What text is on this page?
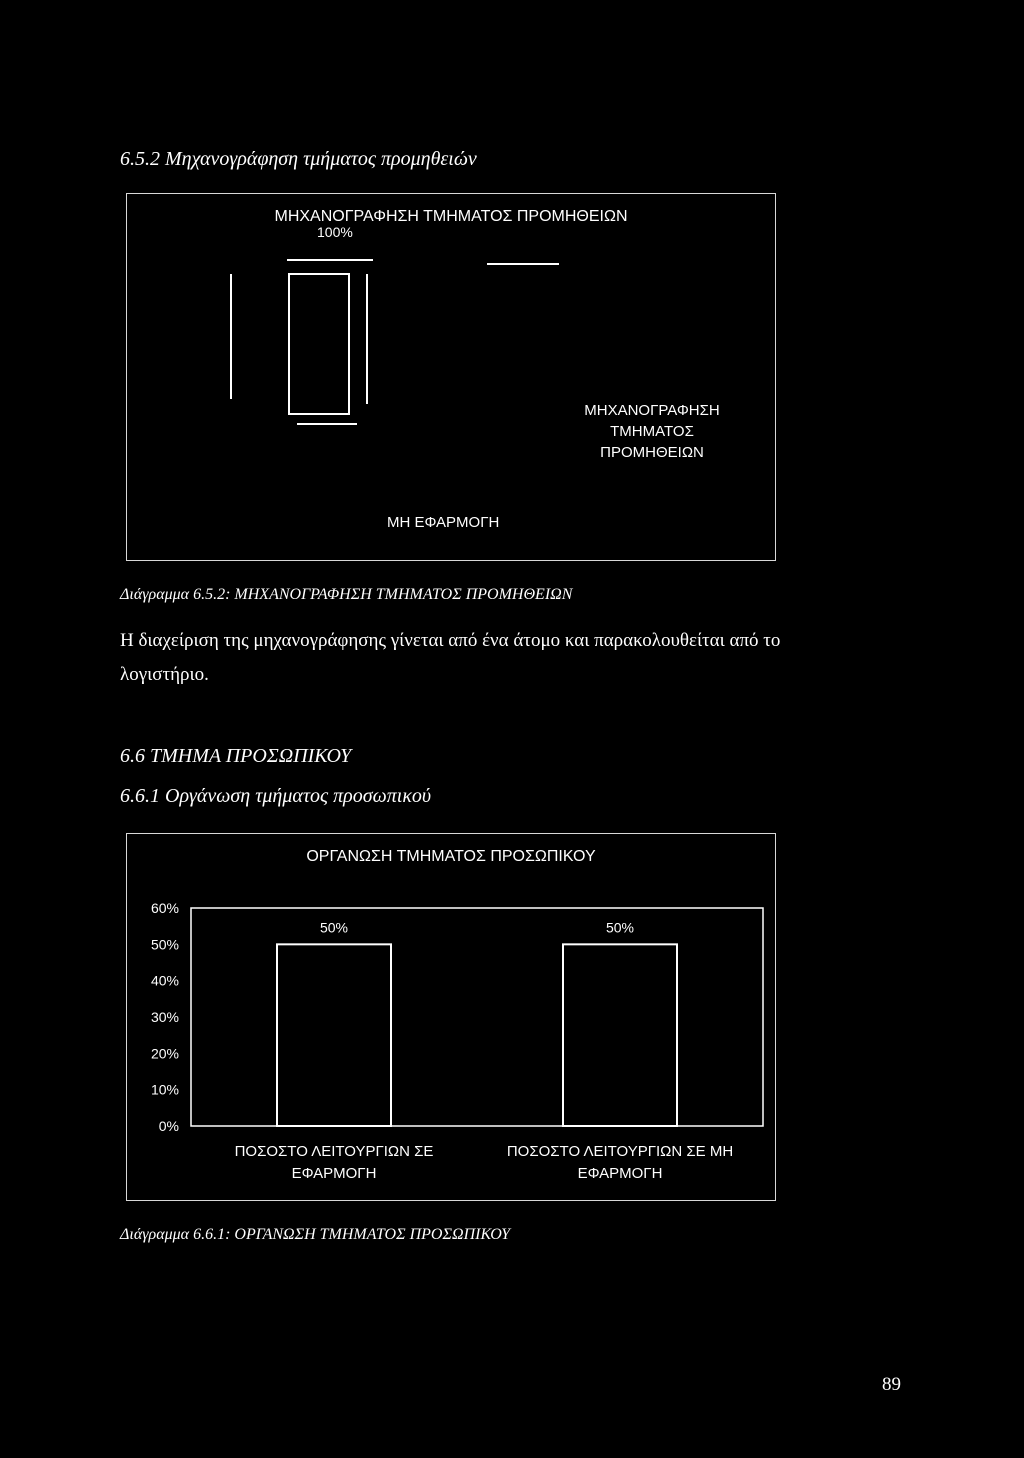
6.5.2 Μηχανογράφηση τμήματος προμηθειών
ΜΗΧΑΝΟΓΡΑΦΗΣΗ ΤΜΗΜΑΤΟΣ ΠΡΟΜΗΘΕΙΩΝ
100%
ΜΗΧΑΝΟΓΡΑΦΗΣΗ
ΤΜΗΜΑΤΟΣ
ΠΡΟΜΗΘΕΙΩΝ
ΜΗ ΕΦΑΡΜΟΓΗ
Διάγραμμα 6.5.2: ΜΗΧΑΝΟΓΡΑΦΗΣΗ ΤΜΗΜΑΤΟΣ ΠΡΟΜΗΘΕΙΩΝ
Η διαχείριση της μηχανογράφησης γίνεται από ένα άτομο και παρακολουθείται από το
λογιστήριο.
6.6 ΤΜΗΜΑ ΠΡΟΣΩΠΙΚΟΥ
6.6.1 Οργάνωση τμήματος προσωπικού
ΟΡΓΑΝΩΣΗ ΤΜΗΜΑΤΟΣ ΠΡΟΣΩΠΙΚΟΥ
0%
10%
20%
30%
40%
50%
60%
50%
ΠΟΣΟΣΤΟ ΛΕΙΤΟΥΡΓΙΩΝ ΣΕ
ΕΦΑΡΜΟΓΗ
50%
ΠΟΣΟΣΤΟ ΛΕΙΤΟΥΡΓΙΩΝ ΣΕ ΜΗ
ΕΦΑΡΜΟΓΗ
Διάγραμμα 6.6.1: ΟΡΓΑΝΩΣΗ ΤΜΗΜΑΤΟΣ ΠΡΟΣΩΠΙΚΟΥ
89
